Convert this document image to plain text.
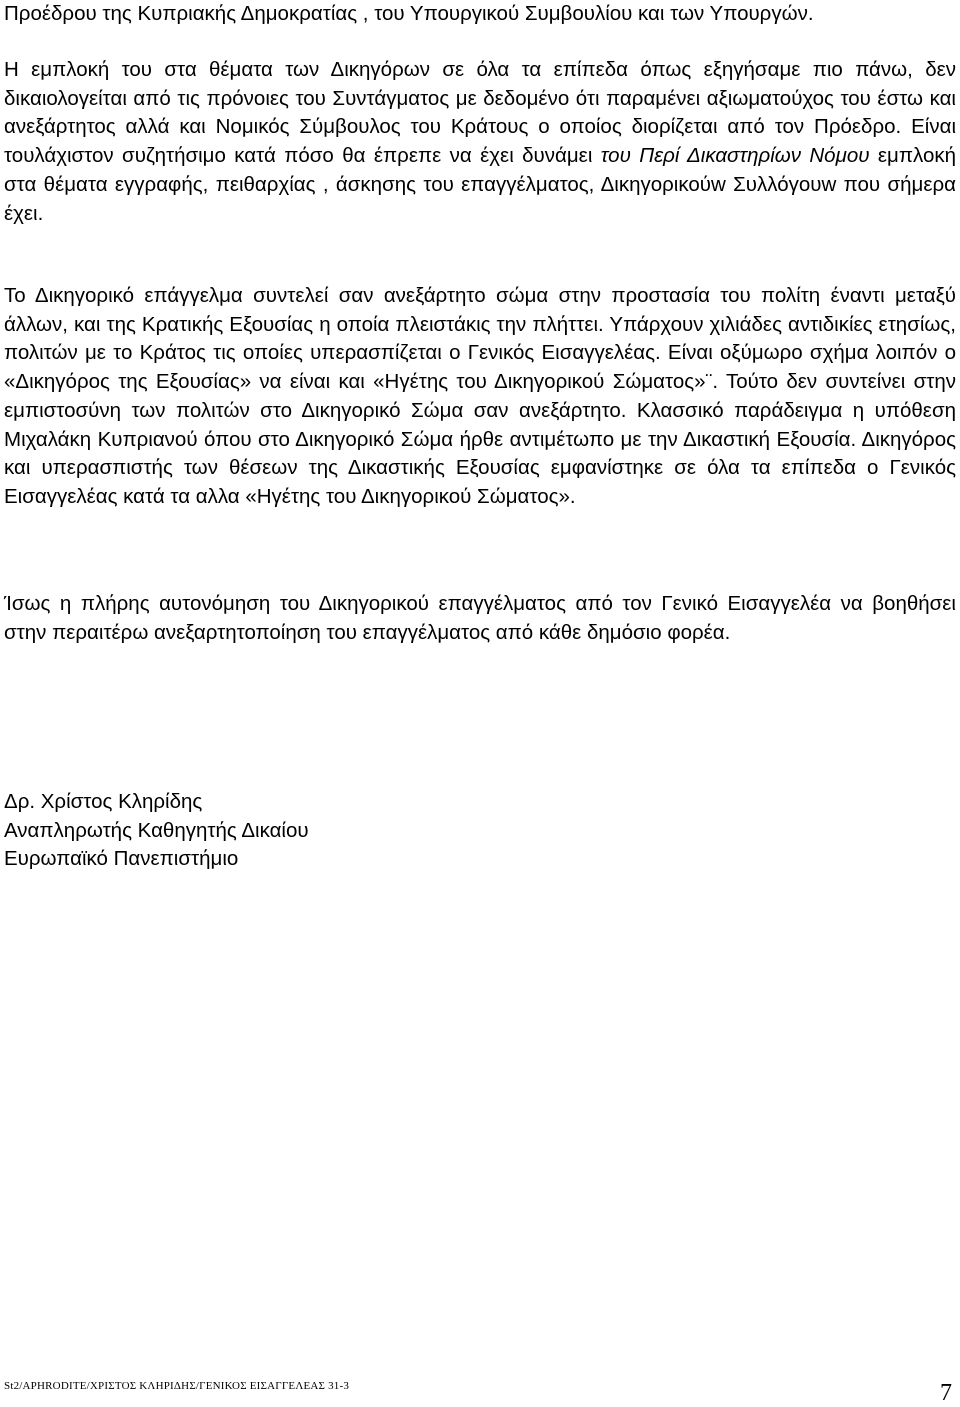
Προέδρου της Κυπριακής Δημοκρατίας , του Υπουργικού Συμβουλίου και των Υπουργών.

Η εμπλοκή του στα θέματα των Δικηγόρων σε όλα τα επίπεδα όπως εξηγήσαμε πιο πάνω, δεν δικαιολογείται από τις πρόνοιες του Συντάγματος με δεδομένο ότι παραμένει αξιωματούχος του έστω και ανεξάρτητος αλλά και Νομικός Σύμβουλος του Κράτους ο οποίος διορίζεται από τον Πρόεδρο. Είναι τουλάχιστον συζητήσιμο κατά πόσο θα έπρεπε να έχει δυνάμει του Περί Δικαστηρίων Νόμου εμπλοκή στα θέματα εγγραφής, πειθαρχίας , άσκησης του επαγγέλματος, Δικηγορικούw Συλλόγουw που σήμερα έχει.

Το Δικηγορικό επάγγελμα συντελεί σαν ανεξάρτητο σώμα στην προστασία του πολίτη έναντι μεταξύ άλλων, και της Κρατικής Εξουσίας η οποία πλειστάκις την πλήττει. Υπάρχουν χιλιάδες αντιδικίες ετησίως, πολιτών με το Κράτος τις οποίες υπερασπίζεται ο Γενικός Εισαγγελέας. Είναι οξύμωρο σχήμα λοιπόν ο «Δικηγόρος της Εξουσίας» να είναι και «Ηγέτης του Δικηγορικού Σώματος»¨. Τούτο δεν συντείνει στην εμπιστοσύνη των πολιτών στο Δικηγορικό Σώμα σαν ανεξάρτητο. Κλασσικό παράδειγμα η υπόθεση Μιχαλάκη Κυπριανού όπου στο Δικηγορικό Σώμα ήρθε αντιμέτωπο με την Δικαστική Εξουσία. Δικηγόρος και υπερασπιστής των θέσεων της Δικαστικής Εξουσίας εμφανίστηκε σε όλα τα επίπεδα ο Γενικός Εισαγγελέας κατά τα αλλα «Ηγέτης του Δικηγορικού Σώματος».

Ίσως η πλήρης αυτονόμηση του Δικηγορικού επαγγέλματος από τον Γενικό Εισαγγελέα να βοηθήσει στην περαιτέρω ανεξαρτητοποίηση του επαγγέλματος από κάθε δημόσιο φορέα.

Δρ. Χρίστος Κληρίδης
Αναπληρωτής Καθηγητής Δικαίου
Ευρωπαϊκό Πανεπιστήμιο
St2/APHRODITE/ΧΡΙΣΤΟΣ ΚΛΗΡΙΔΗΣ/ΓΕΝΙΚΟΣ ΕΙΣΑΓΓΕΛΕΑΣ 31-3	7
